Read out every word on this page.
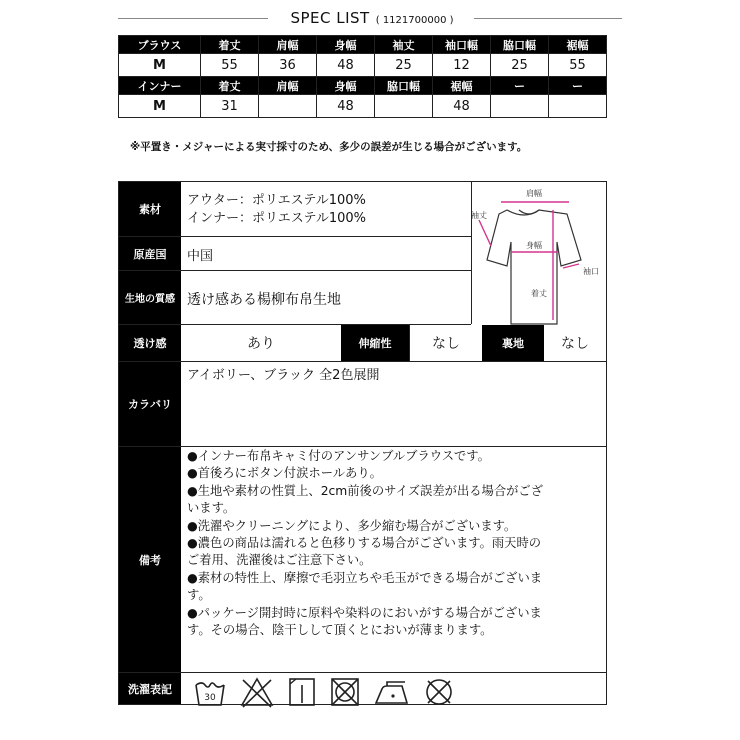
SPEC LIST ( 1121700000 )
ブラウス	着丈	肩幅	身幅	袖丈	袖口幅	脇口幅	裾幅
M	55	36	48	25	12	25	55
インナー	着丈	肩幅	身幅	脇口幅	裾幅	ー	ー
M	31		48		48		
※平置き・メジャーによる実寸採寸のため、多少の誤差が生じる場合がございます。
素材
アウター：ポリエステル100%
インナー：ポリエステル100%
原産国	中国
生地の質感 透け感ある楊柳布帛生地
透け感	あり	伸縮性	なし	裏地	なし
カラバリ
アイボリー、ブラック 全2色展開
備考
●インナー布帛キャミ付のアンサンブルブラウスです。
●首後ろにボタン付涙ホールあり。
●生地や素材の性質上、2cm前後のサイズ誤差が出る場合がござ
います。
●洗濯やクリーニングにより、多少縮む場合がございます。
●濃色の商品は濡れると色移りする場合がございます。雨天時の
ご着用、洗濯後はご注意下さい。
●素材の特性上、摩擦で毛羽立ちや毛玉ができる場合がございま
す。
●パッケージ開封時に原料や染料のにおいがする場合がございま
す。その場合、陰干しして頂くとにおいが薄まります。
洗濯表記
30
肩幅
袖丈
身幅
袖口
着丈
